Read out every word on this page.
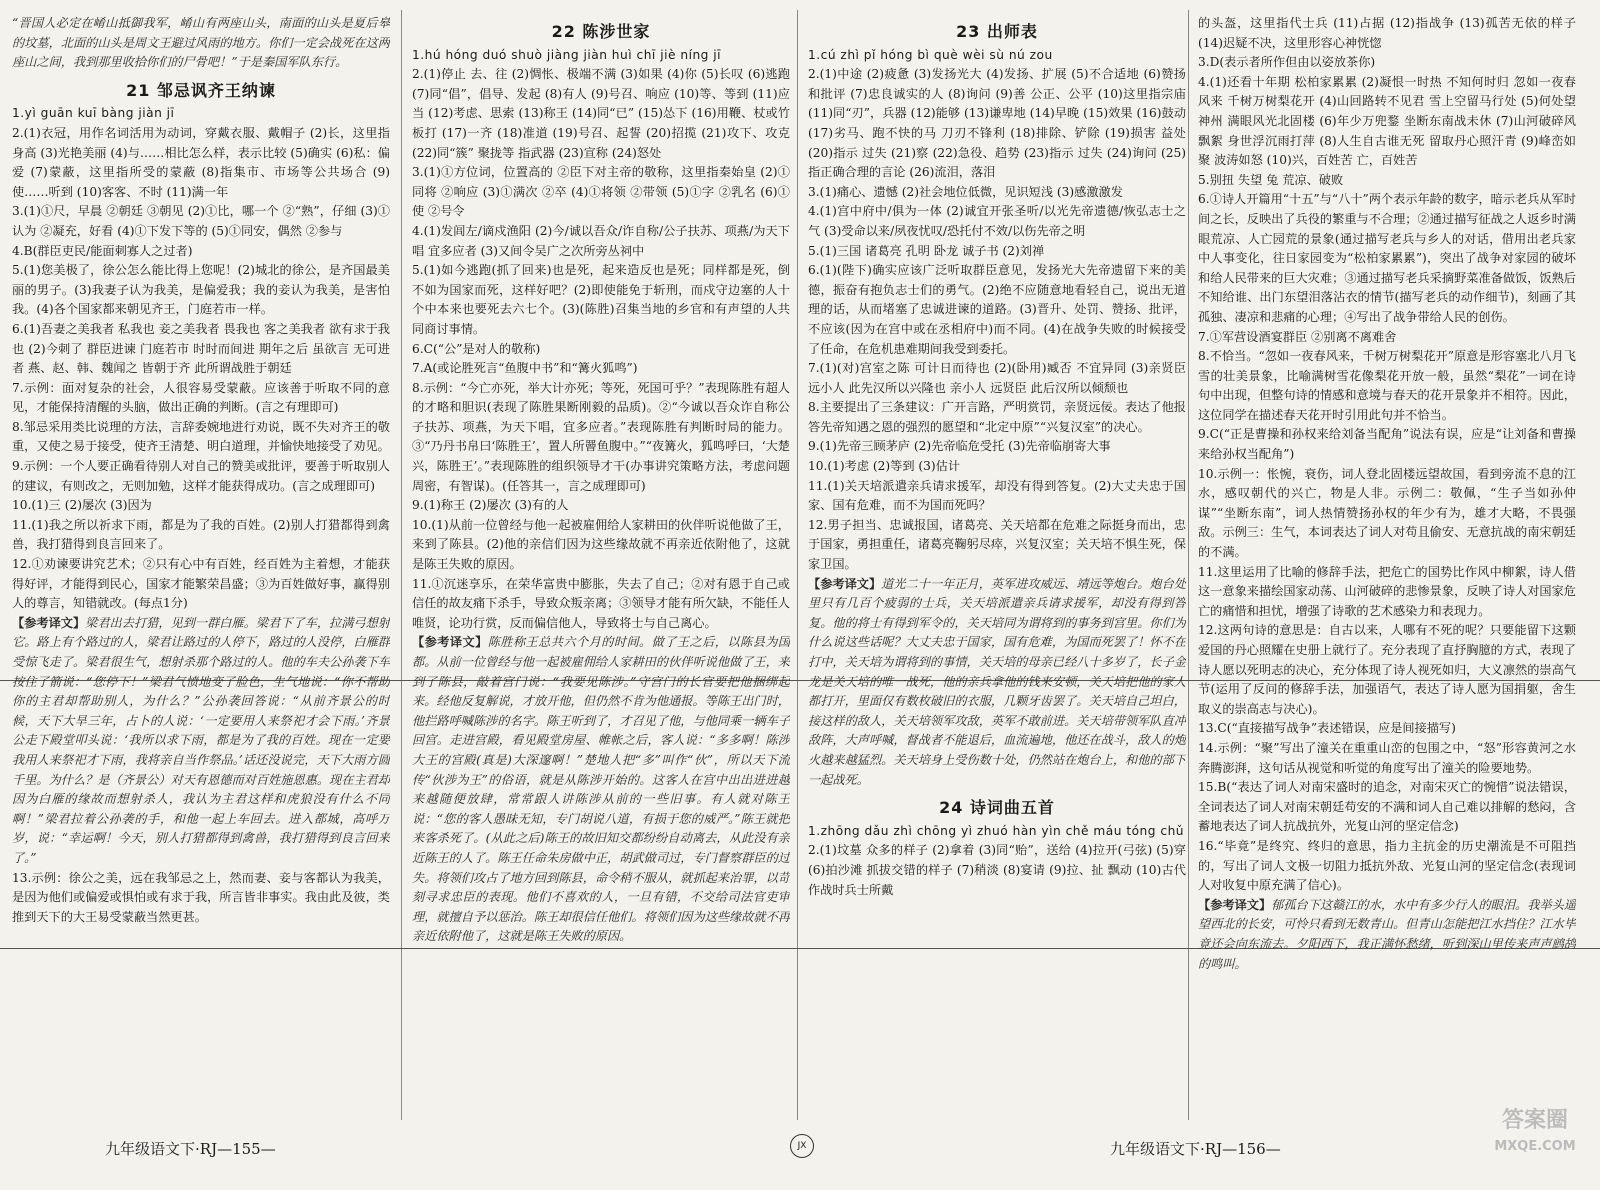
“晋国人必定在崤山抵御我军，崤山有两座山头，南面的山头是夏后皋的坟墓，北面的山头是周文王避过风雨的地方。你们一定会战死在这两座山之间，我到那里收拾你们的尸骨吧！”于是秦国军队东行。

21 邹忌讽齐王纳谏

1.yì guān kuī bàng jiàn jī

2.(1)衣冠，用作名词活用为动词，穿戴衣服、戴帽子 (2)长，这里指身高 (3)光艳美丽 (4)与……相比怎么样，表示比较 (5)确实 (6)私：偏爱 (7)蒙蔽，这里指所受的蒙蔽 (8)指集市、市场等公共场合 (9)使……听到 (10)客客、不时 (11)满一年

3.(1)①尺，早晨 ②朝廷 ③朝见 (2)①比，哪一个 ②“熟”，仔细 (3)①认为 ②凝充，好看 (4)①下发下等的 (5)①同安，偶然 ②参与

4.B(群臣吏民/能面刺寡人之过者)

5.(1)您美极了，徐公怎么能比得上您呢！(2)城北的徐公，是齐国最美丽的男子。(3)我妻子认为我美，是偏爱我；我的妾认为我美，是害怕我。(4)各个国家都来朝见齐王，门庭若市一样。

6.(1)吾妻之美我者 私我也 妾之美我者 畏我也 客之美我者 欲有求于我也 (2)今刺了 群臣进谏 门庭若市 时时而间进 期年之后 虽欲言 无可进者 燕、赵、韩、魏闻之 皆朝于齐 此所谓战胜于朝廷

7.示例：面对复杂的社会，人很容易受蒙蔽。应该善于听取不同的意见，才能保持清醒的头脑，做出正确的判断。(言之有理即可)

8.邹忌采用类比说理的方法，言辞委婉地进行劝说，既不失对齐王的敬重，又使之易于接受，使齐王清楚、明白道理，并愉快地接受了劝见。

9.示例：一个人要正确看待别人对自己的赞美或批评，要善于听取别人的建议，有则改之，无则加勉，这样才能获得成功。(言之成理即可)

10.(1)三 (2)屡次 (3)因为

11.(1)我之所以祈求下雨，都是为了我的百姓。(2)别人打猎都得到禽兽，我打猎得到良言回来了。

12.①劝谏要讲究艺术；②只有心中有百姓，经百姓为主着想，才能获得好评，才能得到民心，国家才能繁荣昌盛；③为百姓做好事，赢得别人的尊言，知错就改。(每点1分)

【参考译文】梁君出去打猎，见到一群白雁。梁君下了车，拉满弓想射它。路上有个路过的人，梁君让路过的人停下，路过的人没停，白雁群受惊飞走了。梁君很生气，想射杀那个路过的人。他的车夫公孙袭下车按住了箭说：“您停下！”梁君气愤地变了脸色，生气地说：“你不帮助你的主君却帮助别人，为什么？”公孙袭回答说：“从前齐景公的时候，天下大旱三年，占卜的人说：‘一定要用人来祭祀才会下雨。’齐景公走下殿堂叩头说：‘我所以求下雨，都是为了我的百姓。现在一定要我用人来祭祀才下雨，我将亲自当作祭品。’话还没说完，天下大雨方圆千里。为什么？是（齐景公）对天有恩德而对百姓施恩惠。现在主君却因为白雁的缘故而想射杀人，我认为主君这样和虎狼没有什么不同啊！”梁君拉着公孙袭的手，和他一起上车回去。进入都城，高呼万岁，说：“幸运啊！今天，别人打猎都得到禽兽，我打猎得到良言回来了。”

13.示例：徐公之美，远在我邹忌之上，然而妻、妾与客都认为我美，是因为他们或偏爱或惧怕或有求于我，所言皆非事实。我由此及彼，类推到天下的大王易受蒙蔽当然更甚。

22 陈涉世家

1.hú hóng duó shuò jiàng jiàn huì chī jiè níng jī

2.(1)停止 去、往 (2)惆怅、极端不满 (3)如果 (4)你 (5)长叹 (6)逃跑 (7)同“倡”，倡导、发起 (8)有人 (9)号召、响应 (10)等、等到 (11)应当 (12)考虑、思索 (13)称王 (14)同“已” (15)怂下 (16)用鞭、杖或竹板打 (17)一齐 (18)准道 (19)号召、起誓 (20)招揽 (21)攻下、攻克 (22)同“簇” 聚拢等 指武器 (23)宣称 (24)怒处

3.(1)①方位词，位置高的 ②臣下对主帝的敬称，这里指秦始皇 (2)①同将 ②响应 (3)①满次 ②卒 (4)①将领 ②带领 (5)①字 ②乳名 (6)①使 ②号令

4.(1)发闾左/谪戍渔阳 (2)今/诚以吾众/诈自称/公子扶苏、项燕/为天下唱 宜多应者 (3)又间令吴广之次所旁丛祠中

5.(1)如今逃跑(抓了回来)也是死，起来造反也是死；同样都是死，倒不如为国家而死，这样好吧？(2)即使能免于斩刑，而戍守边塞的人十个中本来也要死去六七个。(3)(陈胜)召集当地的乡官和有声望的人共同商讨事情。

6.C(“公”是对人的敬称)

7.A(或论胜死言“鱼腹中书”和“篝火狐鸣”)

8.示例：“今亡亦死，举大计亦死；等死，死国可乎？”表现陈胜有超人的才略和胆识(表现了陈胜果断刚毅的品质)。②“今诚以吾众诈自称公子扶苏、项燕，为天下唱，宜多应者。”表现陈胜有判断时局的能力。③“乃丹书帛曰‘陈胜王’，置人所罾鱼腹中。”“夜篝火，狐鸣呼曰，‘大楚兴，陈胜王’。”表现陈胜的组织领导才干(办事讲究策略方法，考虑问题周密，有智谋)。(任答其一，言之成理即可)

9.(1)称王 (2)屡次 (3)有的人

10.(1)从前一位曾经与他一起被雇佣给人家耕田的伙伴听说他做了王，来到了陈县。(2)他的亲信们因为这些缘故就不再亲近依附他了，这就是陈王失败的原因。

11.①沉迷享乐，在荣华富贵中膨胀，失去了自己；②对有恩于自己或信任的故友痛下杀手，导致众叛亲离；③领导才能有所欠缺，不能任人唯贤，论功行赏，反而偏信他人，导致将士与自己离心。

【参考译文】陈胜称王总共六个月的时间。做了王之后，以陈县为国都。从前一位曾经与他一起被雇佣给人家耕田的伙伴听说他做了王，来到了陈县，敲着宫门说：“我要见陈涉。”守宫门的长官要把他捆绑起来。经他反复解说，才放开他，但仍然不肯为他通报。等陈王出门时，他拦路呼喊陈涉的名字。陈王听到了，才召见了他，与他同乘一辆车子回宫。走进宫殿，看见殿堂房屋、帷帐之后，客人说：“多多啊！陈涉大王的宫殿(真是)大深邃啊！”楚地人把“多”叫作“伙”，所以天下流传“伙涉为王”的俗语，就是从陈涉开始的。这客人在宫中出出进进越来越随便放肆，常常跟人讲陈涉从前的一些旧事。有人就对陈王说：“您的客人愚昧无知，专门胡说八道，有损于您的威严。”陈王就把来客杀死了。(从此之后)陈王的故旧知交都纷纷自动离去，从此没有亲近陈王的人了。陈王任命朱房做中正，胡武做司过，专门督察群臣的过失。将领们攻占了地方回到陈县，命令稍不服从，就抓起来治罪，以苛刻寻求忠臣的表现。他们不喜欢的人，一旦有错，不交给司法官吏审理，就擅自予以惩治。陈王却很信任他们。将领们因为这些缘故就不再亲近依附他了，这就是陈王失败的原因。

23 出师表

1.cú zhì pǐ hóng bì què wèi sù nú zou

2.(1)中途 (2)疲惫 (3)发扬光大 (4)发扬、扩展 (5)不合适地 (6)赞扬和批评 (7)忠良诚实的人 (8)询问 (9)善 公正、公平 (10)这里指宗庙 (11)同“刃”，兵器 (12)能够 (13)谦卑地 (14)早晚 (15)效果 (16)鼓动 (17)劣马、跑不快的马 刀刃不锋利 (18)排除、铲除 (19)损害 益处 (20)指示 过失 (21)察 (22)急役、趋势 (23)指示 过失 (24)询问 (25)指正确合理的言论 (26)流泪，落泪

3.(1)痛心、遗憾 (2)社会地位低微，见识短浅 (3)感激激发

4.(1)宫中府中/俱为一体 (2)诚宜开张圣听/以光先帝遗德/恢弘志士之气 (3)受命以来/夙夜忧叹/恐托付不效/以伤先帝之明

5.(1)三国 诸葛亮 孔明 卧龙 诚子书 (2)刘禅

6.(1)(陛下)确实应该广泛听取群臣意见，发扬光大先帝遗留下来的美德，振奋有抱负志士们的勇气。(2)绝不应随意地看轻自己，说出无道理的话，从而堵塞了忠诚进谏的道路。(3)晋升、处罚、赞扬、批评，不应该(因为在宫中或在丞相府中)而不同。(4)在战争失败的时候接受了任命，在危机患难期间我受到委托。

7.(1)(对)宫室之陈 可计日而待也 (2)(卧用)臧否 不宜异同 (3)亲贤臣 远小人 此先汉所以兴隆也 亲小人 远贤臣 此后汉所以倾颓也

8.主要提出了三条建议：广开言路，严明赏罚，亲贤远佞。表达了他报答先帝知遇之恩的强烈的愿望和“北定中原”“兴复汉室”的决心。

9.(1)先帝三顾茅庐 (2)先帝临危受托 (3)先帝临崩寄大事

10.(1)考虑 (2)等到 (3)估计

11.(1)关天培派遣亲兵请求援军，却没有得到答复。(2)大丈夫忠于国家、国有危难，而不为国而死吗？

12.男子担当、忠诚报国，诸葛亮、关天培都在危难之际挺身而出，忠于国家，勇担重任，诸葛亮鞠躬尽瘁，兴复汉室；关天培不惧生死，保家卫国。

【参考译文】道光二十一年正月，英军进攻威远、靖远等炮台。炮台处里只有几百个疲弱的士兵，关天培派遣亲兵请求援军，却没有得到答复。他的将士有得到军令的，关天培同为谓将到的事务到宫里。你们为什么说这些话呢？大丈夫忠于国家，国有危难，为国而死罢了！怀不在打中，关天培为谓将到的事情，关天培的母亲已经八十多岁了，长子金龙是关天培的唯一战死，他的亲兵拿他的钱来安顿，关天培把他的家人都打开，里面仅有数枚破旧的衣服，几颗牙齿罢了。关天培自己坦白，接这样的敌人，关天培领军攻敌，英军不敢前进。关天培带领军队直冲敌阵，大声呼喊，督战者不能退后，血流遍地，他还在战斗，敌人的炮火越来越猛烈。关天培身上受伤数十处，仍然站在炮台上，和他的部下一起战死。

24 诗词曲五首

1.zhōng dǎu zhì chōng yì zhuó hàn yìn chě máu tóng chǔ

2.(1)坟墓 众多的样子 (2)拿着 (3)同“贻”，送给 (4)拉开(弓弦) (5)穿 (6)拍沙滩 抓拔交错的样子 (7)稍淡 (8)宴请 (9)拉、扯 飘动 (10)古代作战时兵士所戴

的头盔，这里指代士兵 (11)占据 (12)指战争 (13)孤苦无依的样子 (14)迟疑不决，这里形容心神恍惚

3.D(表示者所作但由以姿放茶你)

4.(1)还看十年期 松柏家累累 (2)凝恨一时热 不知何时归 忽如一夜春风来 千树万树梨花开 (4)山回路转不见君 雪上空留马行处 (5)何处望神州 满眼风光北固楼 (6)年少万兜鍪 坐断东南战未休 (7)山河破碎风飘絮 身世浮沉雨打萍 (8)人生自古谁无死 留取丹心照汗青 (9)峰峦如聚 波涛如怒 (10)兴，百姓苦 亡，百姓苦

5.别扭 失望 兔 荒凉、破败

6.①诗人开篇用“十五”与“八十”两个表示年龄的数字，暗示老兵从军时间之长，反映出了兵役的繁重与不合理；②通过描写征战之人返乡时满眼荒凉、人亡园荒的景象(通过描写老兵与乡人的对话，借用出老兵家中人事变化，往日家园变为“松柏家累累”)，突出了战争对家园的破坏和给人民带来的巨大灾难；③通过描写老兵采摘野菜准备做饭，饭熟后不知给谁、出门东望泪落沾衣的情节(描写老兵的动作细节)，刻画了其孤独、凄凉和悲痛的心理；④写出了战争带给人民的创伤。

7.①军营设酒宴群臣 ②别离不离难舍

8.不恰当。“忽如一夜春风来，千树万树梨花开”原意是形容塞北八月飞雪的壮美景象，比喻满树雪花像梨花开放一般，虽然“梨花”一词在诗句中出现，但整句诗的情感和意境与春天的花开景象并不相符。因此，这位同学在描述春天花开时引用此句并不恰当。

9.C(“正是曹操和孙权来给刘备当配角”说法有误，应是“让刘备和曹操来给孙权当配角”)

10.示例一：怅惋，衰伤，词人登北固楼远望故国，看到旁流不息的江水，感叹朝代的兴亡，物是人非。示例二：敬佩，“生子当如孙仲谋”“坐断东南”，词人热情赞扬孙权的年少有为，雄才大略，不畏强敌。示例三：生气，本词表达了词人对苟且偷安、无意抗战的南宋朝廷的不满。

11.这里运用了比喻的修辞手法，把危亡的国势比作风中柳絮，诗人借这一意象来描绘国家动荡、山河破碎的悲惨景象，反映了诗人对国家危亡的痛惜和担忧，增强了诗歌的艺术感染力和表现力。

12.这两句诗的意思是：自古以来，人哪有不死的呢？只要能留下这颗爱国的丹心照耀在史册上就行了。充分表现了直抒胸臆的方式，表现了诗人愿以死明志的决心，充分体现了诗人视死如归，大义凛然的崇高气节(运用了反问的修辞手法，加强语气，表达了诗人愿为国捐躯，舍生取义的崇高志与决心)。

13.C(“直接描写战争”表述错误，应是间接描写)

14.示例：“聚”写出了潼关在重重山峦的包围之中，“怒”形容黄河之水奔腾澎湃，这句话从视觉和听觉的角度写出了潼关的险要地势。

15.B(“表达了词人对南宋盛时的追念，对南宋灭亡的惋惜”说法错误，全词表达了词人对南宋朝廷苟安的不满和词人自己难以排解的愁闷，含蓄地表达了词人抗战抗外，光复山河的坚定信念)

16.“毕竟”是终究、终归的意思，指力主抗金的历史潮流是不可阻挡的，写出了词人文极一切阻力抵抗外敌、光复山河的坚定信念(表现词人对收复中原充满了信心)。

【参考译文】郁孤台下这赣江的水，水中有多少行人的眼泪。我举头遥望西北的长安，可怜只看到无数青山。但青山怎能把江水挡住？江水毕竟还会向东流去。夕阳西下，我正满怀愁绪，听到深山里传来声声鹧鸪的鸣叫。

九年级语文下·RJ—155—	JX	九年级语文下·RJ—156—
答案圈
MXQE.COM
